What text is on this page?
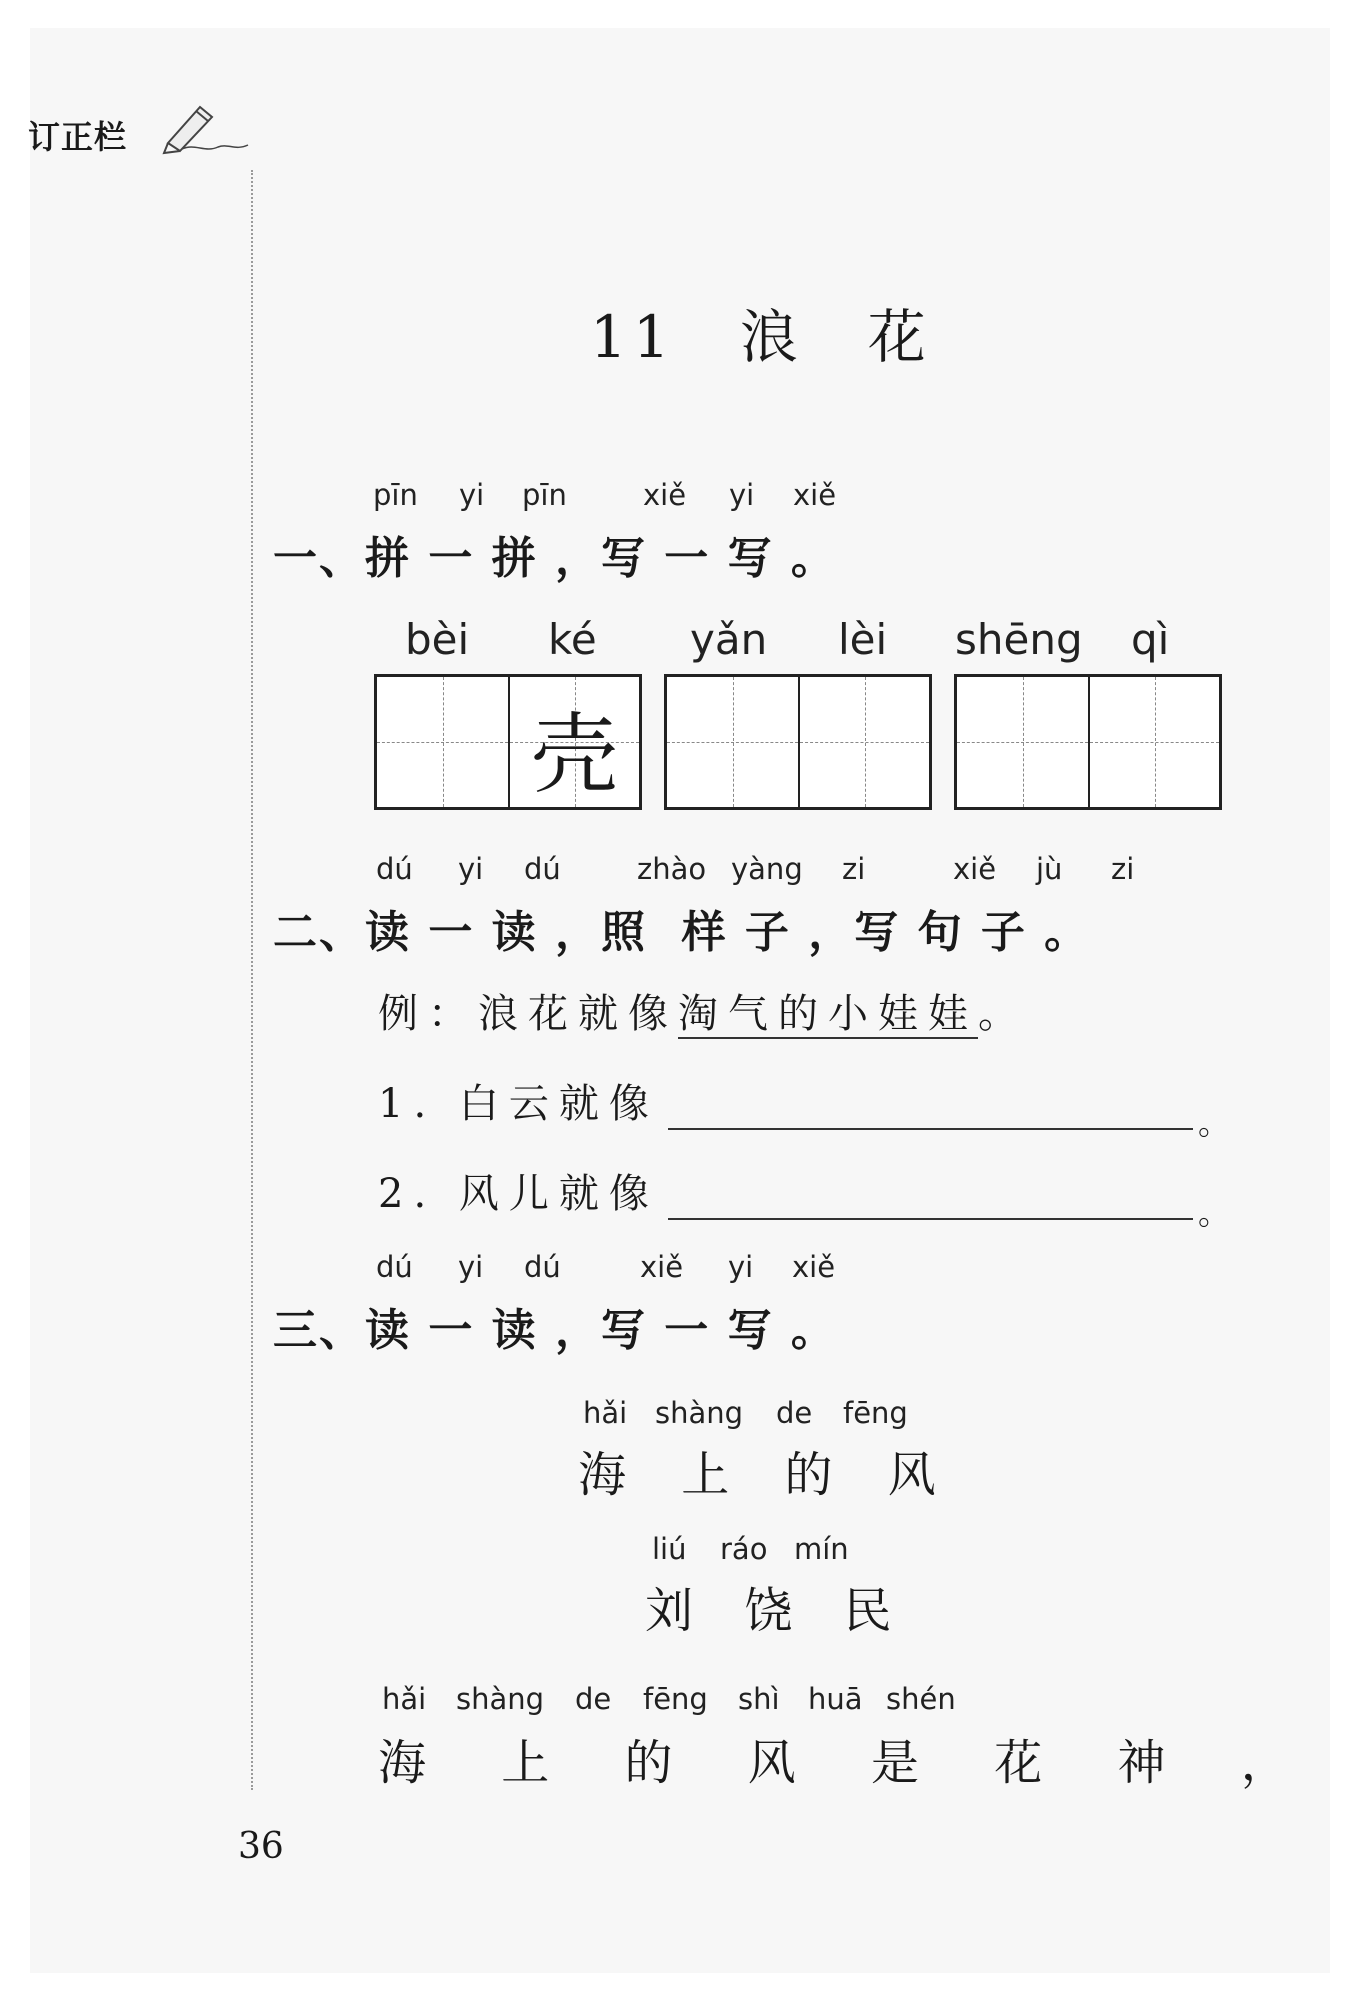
订正栏
11　浪　花
pīn yi pīn	xiě yi xiě
一、拼 一 拼 ，写 一 写 。
bèi ké
壳
yǎn lèi shēng qì
dú yi dú	zhào yàng zi	xiě jù zi
二、读 一 读 ，照  样 子 ，写 句 子 。
例：浪花就像淘气的小娃娃。
1. 白云就像	。
2. 风儿就像	。
dú yi dú	xiě yi xiě
三、读 一 读 ，写 一 写 。
hǎi shàng de fēng
海 上 的 风
liú ráo mín
刘 饶 民
hǎi shàng de fēng shì huā shén
海 上 的 风 是 花 神 ，
36
